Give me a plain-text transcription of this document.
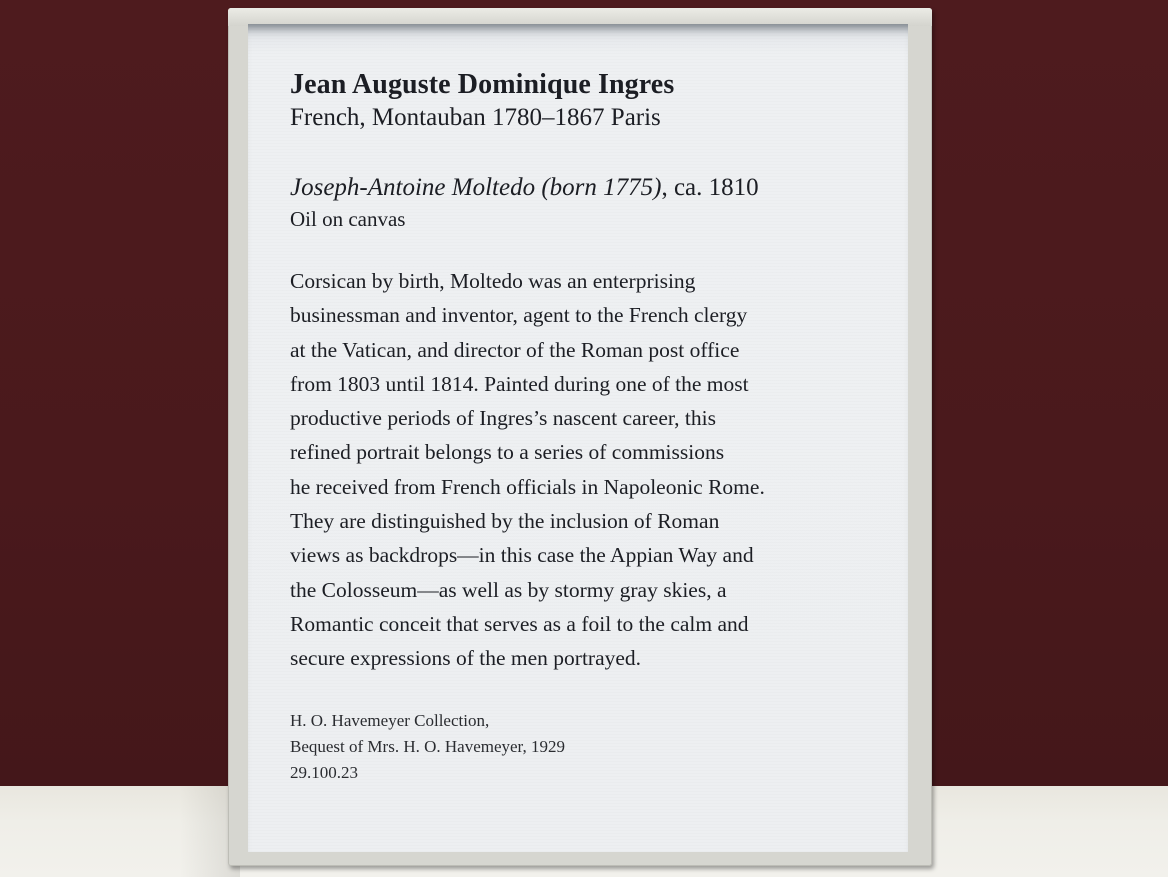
Jean Auguste Dominique Ingres

French, Montauban 1780–1867 Paris

Joseph-Antoine Moltedo (born 1775), ca. 1810

Oil on canvas

Corsican by birth, Moltedo was an enterprising
businessman and inventor, agent to the French clergy
at the Vatican, and director of the Roman post office
from 1803 until 1814. Painted during one of the most
productive periods of Ingres’s nascent career, this
refined portrait belongs to a series of commissions
he received from French officials in Napoleonic Rome.
They are distinguished by the inclusion of Roman
views as backdrops—in this case the Appian Way and
the Colosseum—as well as by stormy gray skies, a
Romantic conceit that serves as a foil to the calm and
secure expressions of the men portrayed.
H. O. Havemeyer Collection,
Bequest of Mrs. H. O. Havemeyer, 1929
29.100.23
